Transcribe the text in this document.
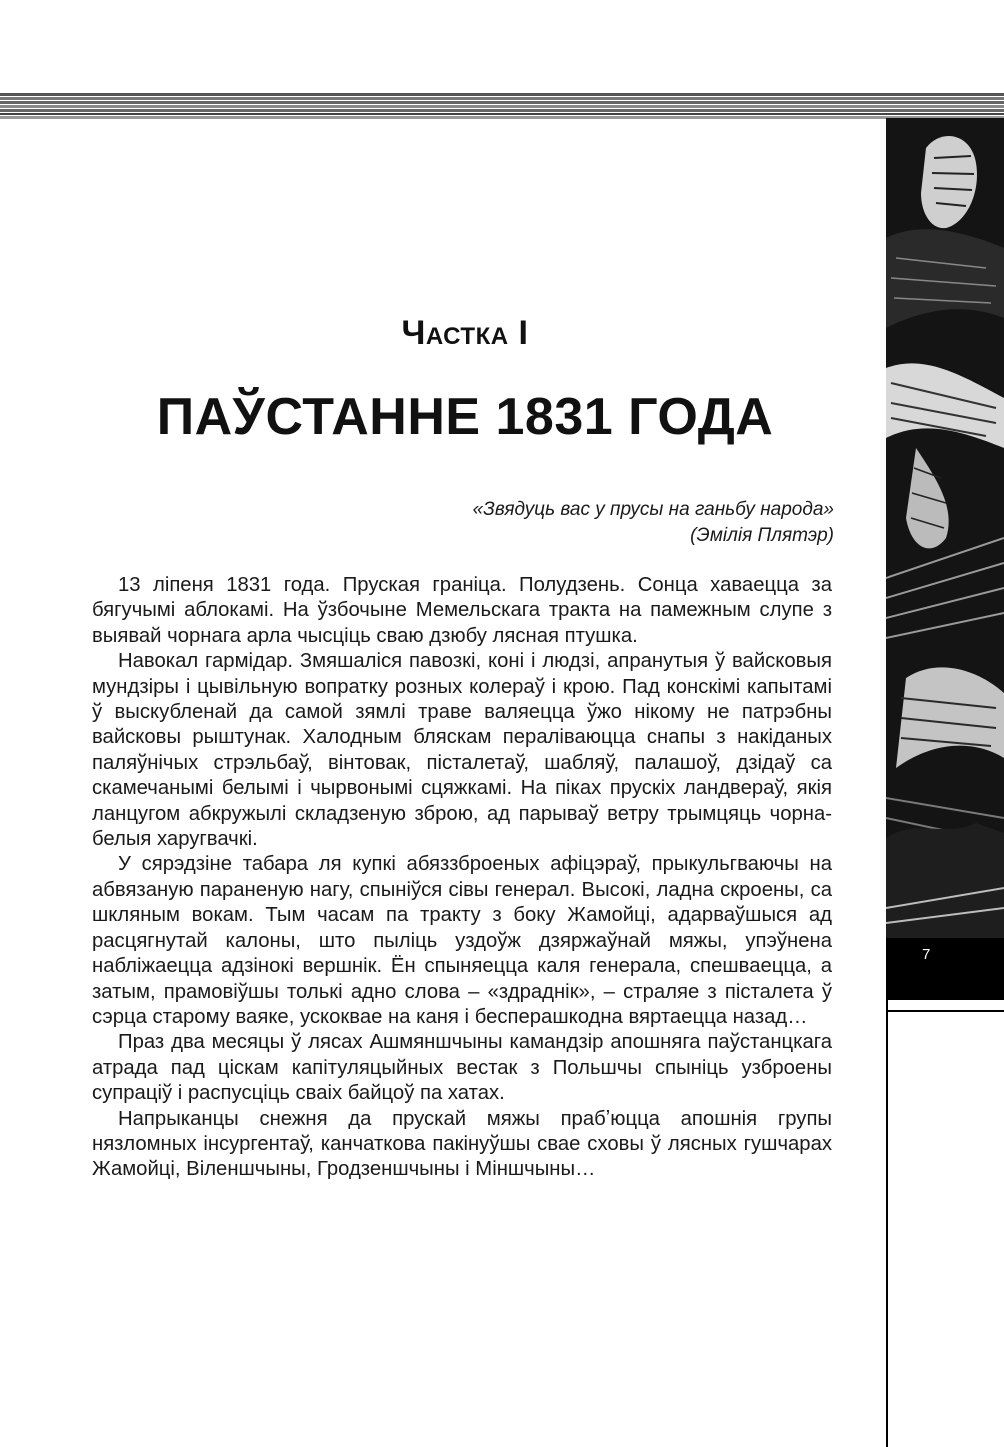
7
Частка I
ПАЎСТАННЕ 1831 ГОДА

«Звядуць вас у прусы на ганьбу народа»

(Эмілія Плятэр)

13 ліпеня 1831 года. Пруская граніца. Полудзень. Сонца хаваецца за бягучымі аблокамі. На ўзбочыне Мемельскага тракта на памежным слупе з выявай чорнага арла чысціць сваю дзюбу лясная птушка.

Навокал гармідар. Змяшаліся павозкі, коні і людзі, апранутыя ў вайсковыя мундзіры і цывільную вопратку розных колераў і крою. Пад конскімі капытамі ў выскубленай да самой зямлі траве валяецца ўжо нікому не патрэбны вайсковы рыштунак. Халодным бляскам пераліваюцца снапы з накіданых паляўнічых стрэльбаў, вінтовак, пісталетаў, шабляў, палашоў, дзідаў са скамечанымі белымі і чырвонымі сцяжкамі. На піках прускіх ландвераў, якія ланцугом абкружылі складзеную зброю, ад парываў ветру трымцяць чорна-белыя харугвачкі.

У сярэдзіне табара ля купкі абяззброеных афіцэраў, прыкульгваючы на абвязаную параненую нагу, спыніўся сівы генерал. Высокі, ладна скроены, са шкляным вокам. Тым часам па тракту з боку Жамойці, адарваўшыся ад расцягнутай калоны, што пыліць уздоўж дзяржаўнай мяжы, упэўнена набліжаецца адзінокі вершнік. Ён спыняецца каля генерала, спешваецца, а затым, прамовіўшы толькі адно слова – «здраднік», – страляе з пісталета ў сэрца старому ваяке, ускоквае на каня і бесперашкодна вяртаецца назад…

Праз два месяцы ў лясах Ашмяншчыны камандзір апошняга паўстанцкага атрада пад ціскам капітуляцыйных вестак з Польшчы спыніць узброены супраціў і распусціць сваіх байцоў па хатах.

Напрыканцы снежня да прускай мяжы прабʼюцца апошнія групы нязломных інсургентаў, канчаткова пакінуўшы свае сховы ў лясных гушчарах Жамойці, Віленшчыны, Гродзеншчыны і Міншчыны…
